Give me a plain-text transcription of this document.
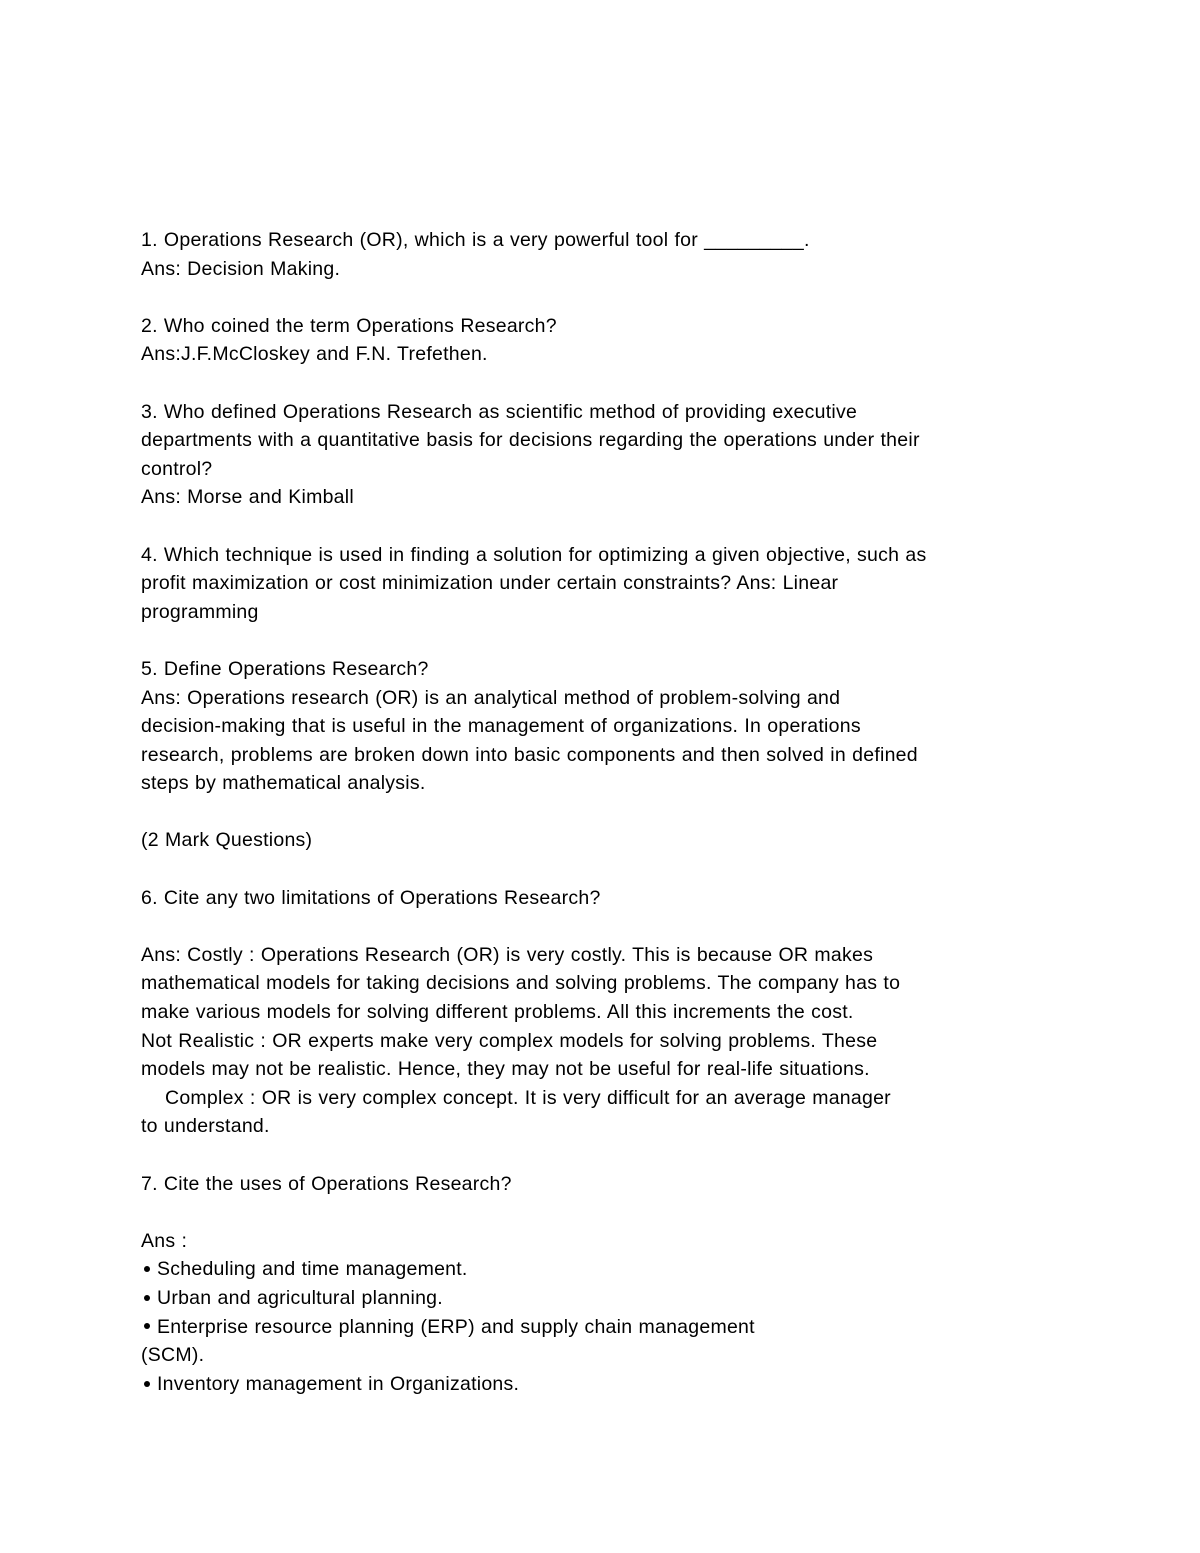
1. Operations Research (OR), which is a very powerful tool for _________.
Ans: Decision Making.
2. Who coined the term Operations Research?
Ans:J.F.McCloskey and F.N. Trefethen.
3. Who defined Operations Research as scientific method of providing executive
departments with a quantitative basis for decisions regarding the operations under their
control?
Ans: Morse and Kimball
4. Which technique is used in finding a solution for optimizing a given objective, such as
profit maximization or cost minimization under certain constraints? Ans: Linear
programming
5. Define Operations Research?
Ans: Operations research (OR) is an analytical method of problem-solving and
decision-making that is useful in the management of organizations. In operations
research, problems are broken down into basic components and then solved in defined
steps by mathematical analysis.
(2 Mark Questions)
6. Cite any two limitations of Operations Research?
Ans: Costly : Operations Research (OR) is very costly. This is because OR makes
mathematical models for taking decisions and solving problems. The company has to
make various models for solving different problems. All this increments the cost.
Not Realistic : OR experts make very complex models for solving problems. These
models may not be realistic. Hence, they may not be useful for real-life situations.
Complex : OR is very complex concept. It is very difficult for an average manager
to understand.
7. Cite the uses of Operations Research?
Ans :
Scheduling and time management.
Urban and agricultural planning.
Enterprise resource planning (ERP) and supply chain management
(SCM).
Inventory management in Organizations.
